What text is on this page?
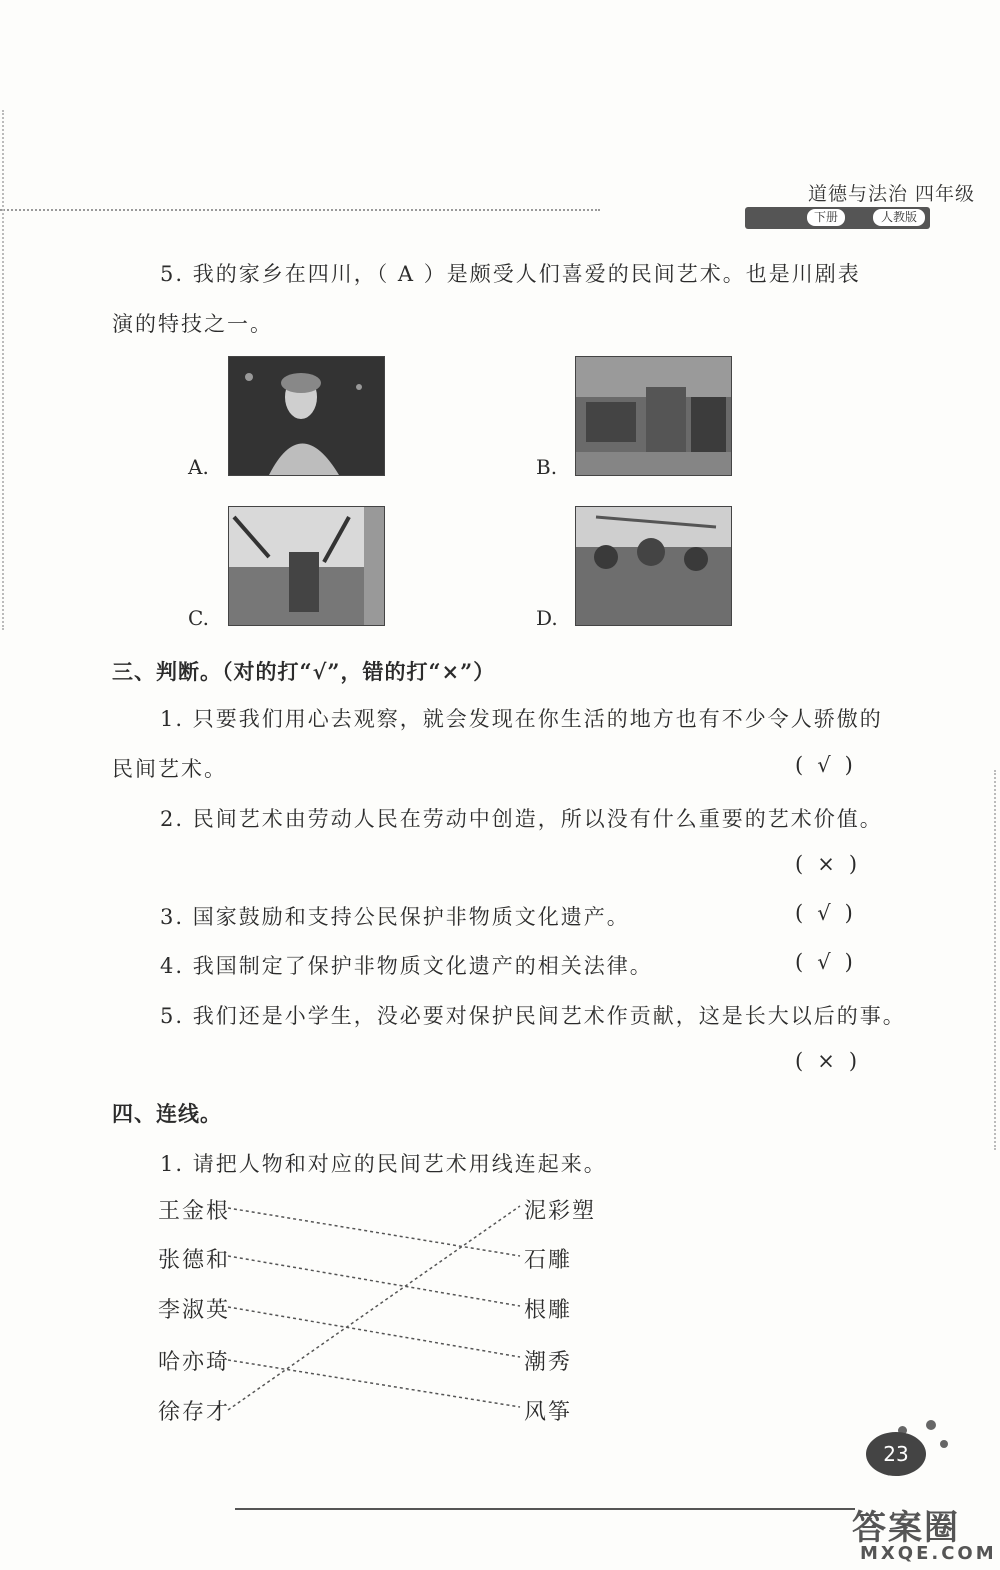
道德与法治 四年级
下册	人教版
5. 我的家乡在四川，（ A ）是颇受人们喜爱的民间艺术。也是川剧表
演的特技之一。
A.	B.
C.	D.
三、判断。（对的打“√”，错的打“×”）
1. 只要我们用心去观察，就会发现在你生活的地方也有不少令人骄傲的
民间艺术。	(√)
2. 民间艺术由劳动人民在劳动中创造，所以没有什么重要的艺术价值。
(×)
3. 国家鼓励和支持公民保护非物质文化遗产。	(√)
4. 我国制定了保护非物质文化遗产的相关法律。	(√)
5. 我们还是小学生，没必要对保护民间艺术作贡献，这是长大以后的事。
(×)
四、连线。
1. 请把人物和对应的民间艺术用线连起来。
王金根
张德和
李淑英
哈亦琦
徐存才
泥彩塑
石雕
根雕
潮秀
风筝
23
答案圈
MXQE.COM
